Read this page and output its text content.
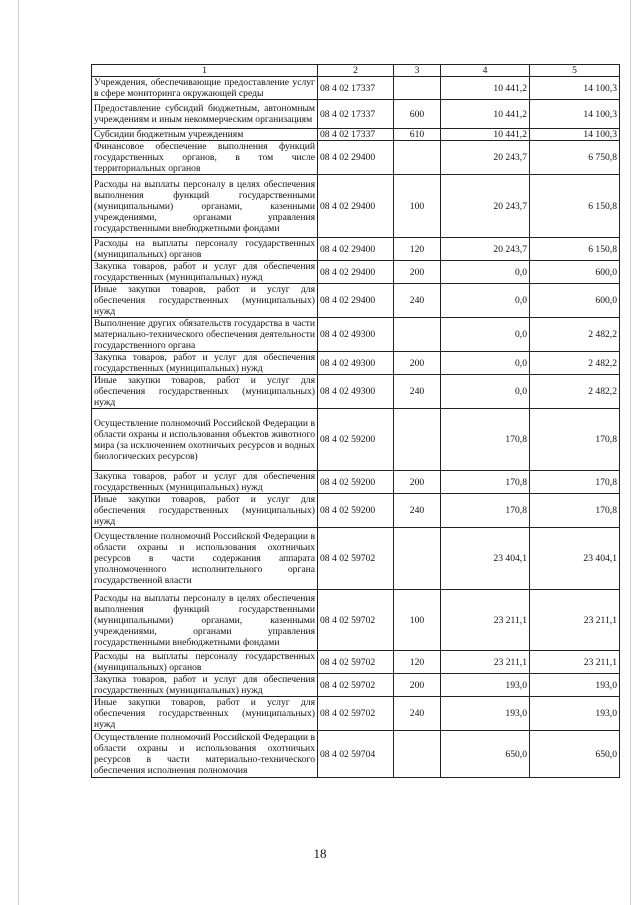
1	2	3	4	5
Учреждения, обеспечивающие предоставление услуг в сфере мониторинга окружающей среды	08 4 02 17337		10 441,2	14 100,3
Предоставление субсидий бюджетным, автономным учреждениям и иным некоммерческим организациям	08 4 02 17337	600	10 441,2	14 100,3
Субсидии бюджетным учреждениям	08 4 02 17337	610	10 441,2	14 100,3
Финансовое обеспечение выполнения функций государственных органов, в том числе территориальных органов	08 4 02 29400		20 243,7	6 750,8
Расходы на выплаты персоналу в целях обеспечения выполнения функций государственными (муниципальными) органами, казенными учреждениями, органами управления государственными внебюджетными фондами	08 4 02 29400	100	20 243,7	6 150,8
Расходы на выплаты персоналу государственных (муниципальных) органов	08 4 02 29400	120	20 243,7	6 150,8
Закупка товаров, работ и услуг для обеспечения государственных (муниципальных) нужд	08 4 02 29400	200	0,0	600,0
Иные закупки товаров, работ и услуг для обеспечения государственных (муниципальных) нужд	08 4 02 29400	240	0,0	600,0
Выполнение других обязательств государства в части материально-технического обеспечения деятельности государственного органа	08 4 02 49300		0,0	2 482,2
Закупка товаров, работ и услуг для обеспечения государственных (муниципальных) нужд	08 4 02 49300	200	0,0	2 482,2
Иные закупки товаров, работ и услуг для обеспечения государственных (муниципальных) нужд	08 4 02 49300	240	0,0	2 482,2
Осуществление полномочий Российской Федерации в области охраны и использования объектов животного мира (за исключением охотничьих ресурсов и водных биологических ресурсов)	08 4 02 59200		170,8	170,8
Закупка товаров, работ и услуг для обеспечения государственных (муниципальных) нужд	08 4 02 59200	200	170,8	170,8
Иные закупки товаров, работ и услуг для обеспечения государственных (муниципальных) нужд	08 4 02 59200	240	170,8	170,8
Осуществление полномочий Российской Федерации в области охраны и использования охотничьих ресурсов в части содержания аппарата уполномоченного исполнительного органа государственной власти	08 4 02 59702		23 404,1	23 404,1
Расходы на выплаты персоналу в целях обеспечения выполнения функций государственными (муниципальными) органами, казенными учреждениями, органами управления государственными внебюджетными фондами	08 4 02 59702	100	23 211,1	23 211,1
Расходы на выплаты персоналу государственных (муниципальных) органов	08 4 02 59702	120	23 211,1	23 211,1
Закупка товаров, работ и услуг для обеспечения государственных (муниципальных) нужд	08 4 02 59702	200	193,0	193,0
Иные закупки товаров, работ и услуг для обеспечения государственных (муниципальных) нужд	08 4 02 59702	240	193,0	193,0
Осуществление полномочий Российской Федерации в области охраны и использования охотничьих ресурсов в части материально-технического обеспечения исполнения полномочия	08 4 02 59704		650,0	650,0
18
